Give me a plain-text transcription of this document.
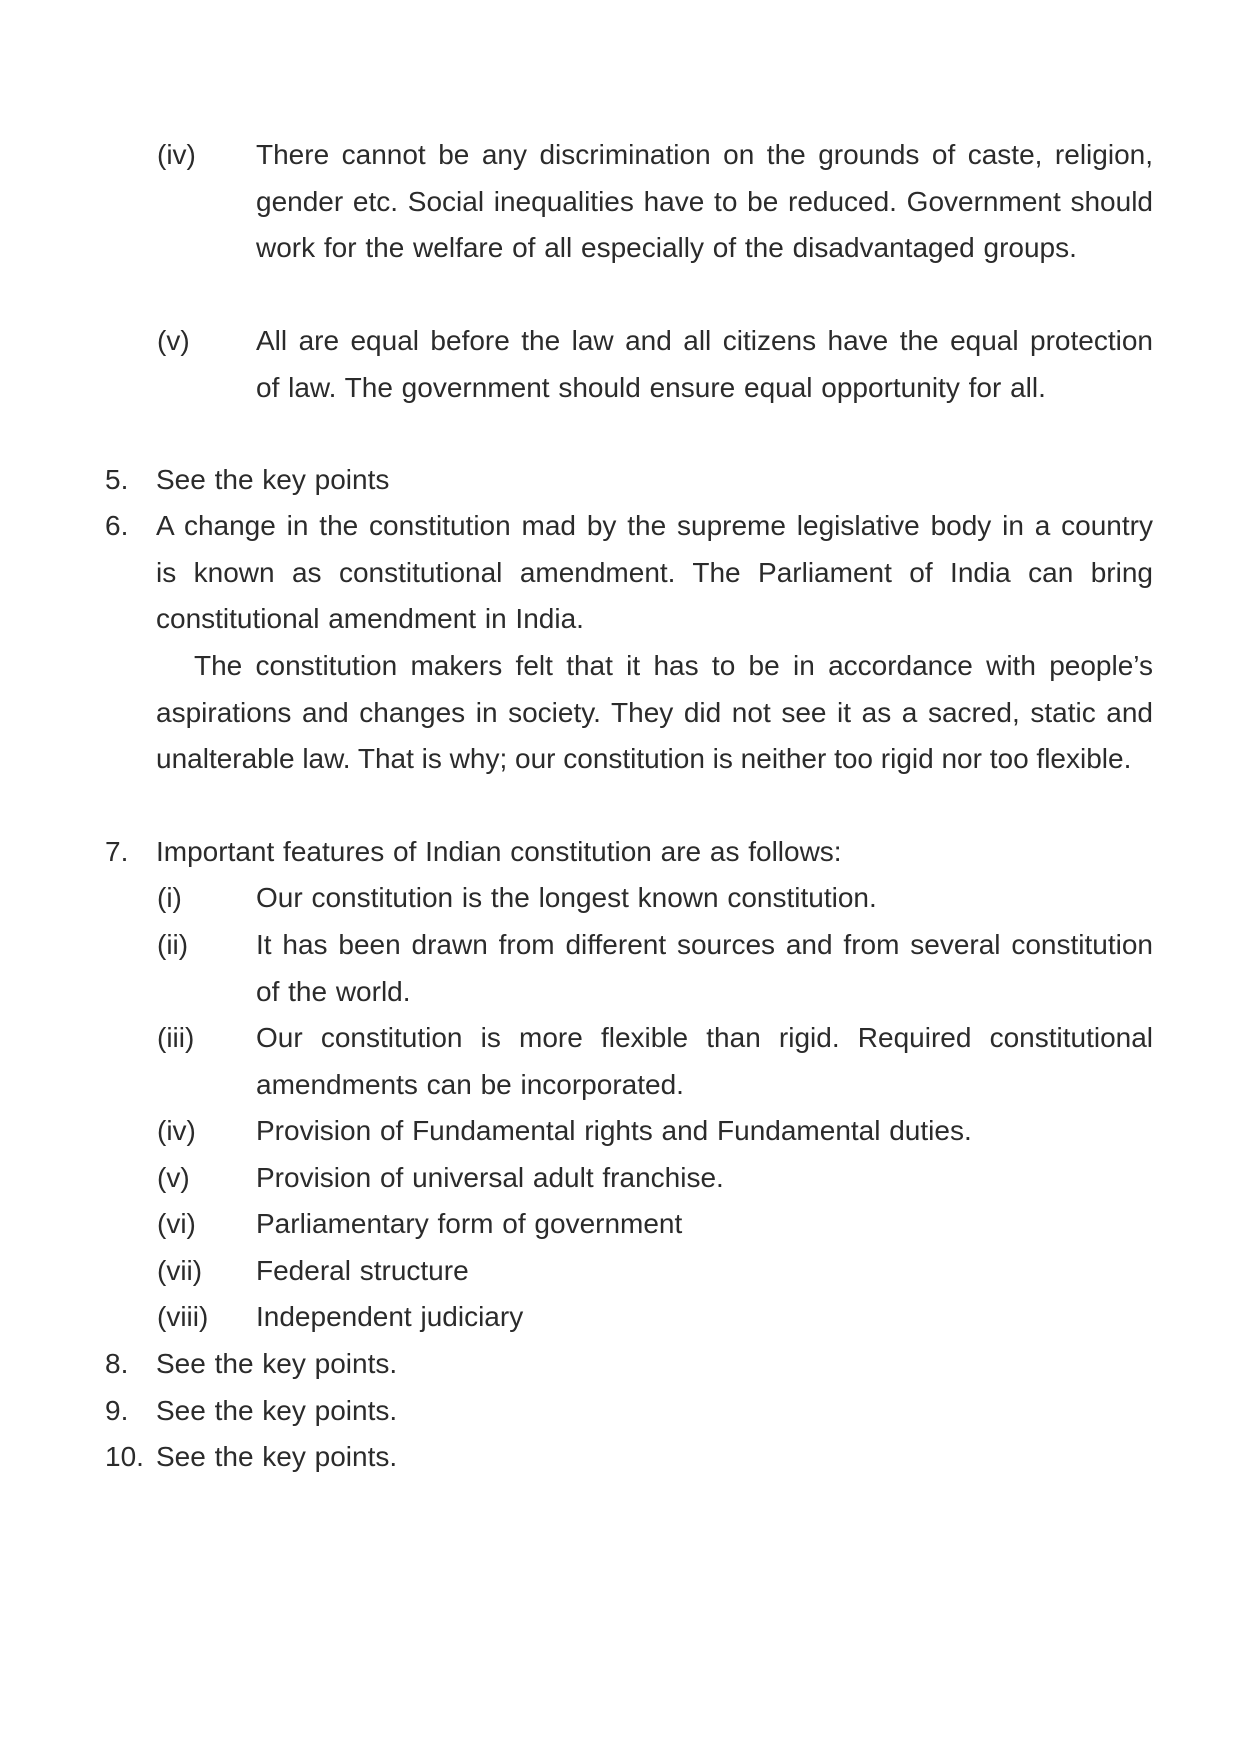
(iv)	There cannot be any discrimination on the grounds of caste, religion, gender etc. Social inequalities have to be reduced. Government should work for the welfare of all especially of the disadvantaged groups.
(v)	All are equal before the law and all citizens have the equal protection of law. The government should ensure equal opportunity for all.
5. See the key points
6. A change in the constitution mad by the supreme legislative body in a country is known as constitutional amendment. The Parliament of India can bring constitutional amendment in India.
The constitution makers felt that it has to be in accordance with people’s aspirations and changes in society. They did not see it as a sacred, static and unalterable law. That is why; our constitution is neither too rigid nor too flexible.
7. Important features of Indian constitution are as follows:
(i)	Our constitution is the longest known constitution.
(ii)	It has been drawn from different sources and from several constitution of the world.
(iii)	Our constitution is more flexible than rigid. Required constitutional amendments can be incorporated.
(iv)	Provision of Fundamental rights and Fundamental duties.
(v)	Provision of universal adult franchise.
(vi)	Parliamentary form of government
(vii)	Federal structure
(viii)	Independent judiciary
8. See the key points.
9. See the key points.
10. See the key points.
